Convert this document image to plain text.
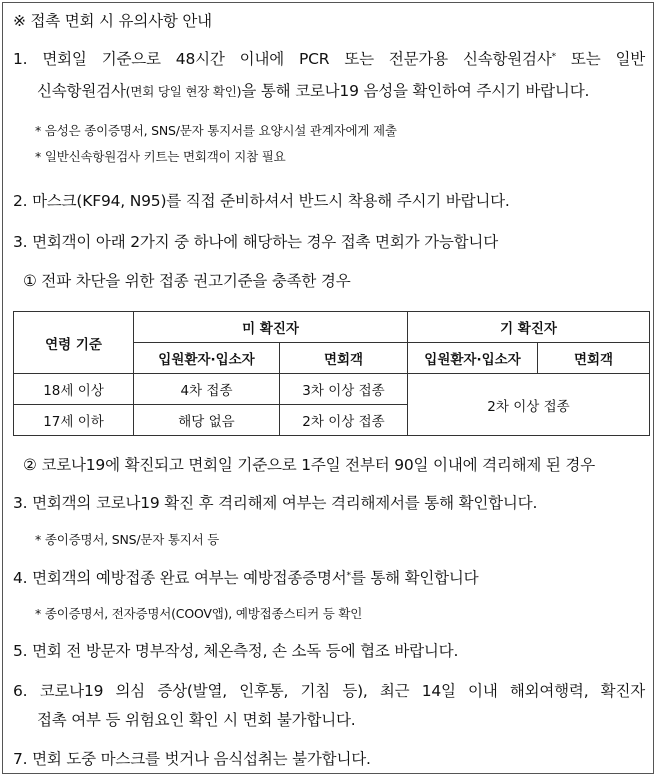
※ 접촉 면회 시 유의사항 안내
1. 면회일 기준으로 48시간 이내에 PCR 또는 전문가용 신속항원검사* 또는 일반
신속항원검사(면회 당일 현장 확인)을 통해 코로나19 음성을 확인하여 주시기 바랍니다.
* 음성은 종이증명서, SNS/문자 통지서를 요양시설 관계자에게 제출
* 일반신속항원검사 키트는 면회객이 지참 필요
2. 마스크(KF94, N95)를 직접 준비하셔서 반드시 착용해 주시기 바랍니다.
3. 면회객이 아래 2가지 중 하나에 해당하는 경우 접촉 면회가 가능합니다
① 전파 차단을 위한 접종 권고기준을 충족한 경우
연령 기준	미 확진자		기 확진자	
	입원환자·입소자	면회객	입원환자·입소자	면회객
18세 이상	4차 접종	3차 이상 접종	2차 이상 접종	
17세 이하	해당 없음	2차 이상 접종		
② 코로나19에 확진되고 면회일 기준으로 1주일 전부터 90일 이내에 격리해제 된 경우
3. 면회객의 코로나19 확진 후 격리해제 여부는 격리해제서를 통해 확인합니다.
* 종이증명서, SNS/문자 통지서 등
4. 면회객의 예방접종 완료 여부는 예방접종증명서*를 통해 확인합니다
* 종이증명서, 전자증명서(COOV앱), 예방접종스티커 등 확인
5. 면회 전 방문자 명부작성, 체온측정, 손 소독 등에 협조 바랍니다.
6. 코로나19 의심 증상(발열, 인후통, 기침 등), 최근 14일 이내 해외여행력, 확진자
접촉 여부 등 위험요인 확인 시 면회 불가합니다.
7. 면회 도중 마스크를 벗거나 음식섭취는 불가합니다.
